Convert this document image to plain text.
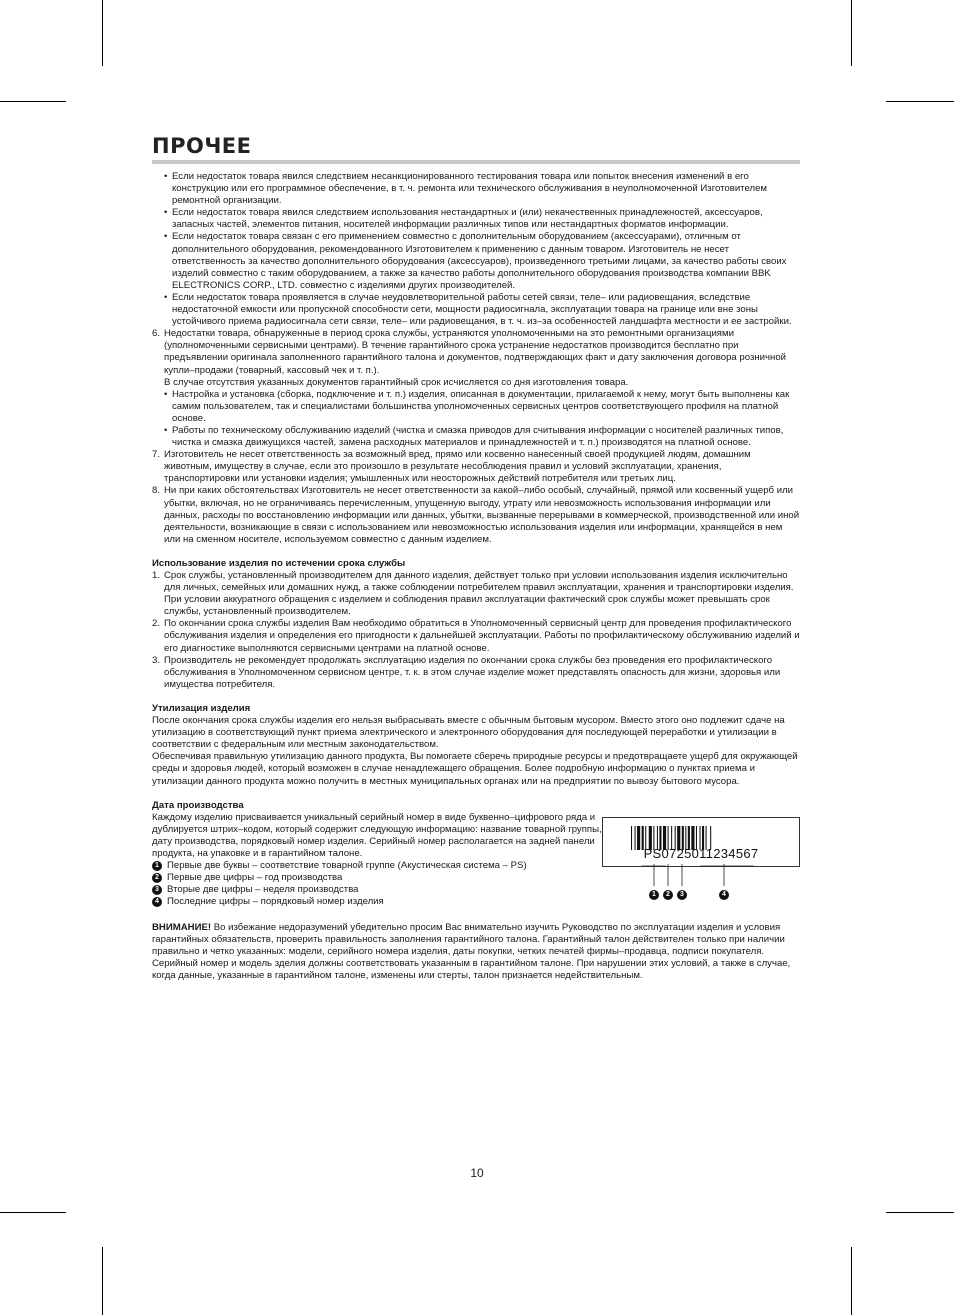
ПРОЧЕЕ
• Если недостаток товара явился следствием несанкционированного тестирования товара или попыток внесения изменений в его конструкцию или его программное обеспечение, в т. ч. ремонта или технического обслуживания в неуполномоченной Изготовителем ремонтной организации.
• Если недостаток товара явился следствием использования нестандартных и (или) некачественных принадлежностей, аксессуаров, запасных частей, элементов питания, носителей информации различных типов или нестандартных форматов информации.
• Если недостаток товара связан с его применением совместно с дополнительным оборудованием (аксессуарами), отличным от дополнительного оборудования, рекомендованного Изготовителем к применению с данным товаром. Изготовитель не несет ответственность за качество дополнительного оборудования (аксессуаров), произведенного третьими лицами, за качество работы своих изделий совместно с таким оборудованием, а также за качество работы дополнительного оборудования производства компании BBK ELECTRONICS CORP., LTD. совместно с изделиями других производителей.
• Если недостаток товара проявляется в случае неудовлетворительной работы сетей связи, теле– или радиовещания, вследствие недостаточной емкости или пропускной способности сети, мощности радиосигнала, эксплуатации товара на границе или вне зоны устойчивого приема радиосигнала сети связи, теле– или радиовещания, в т. ч. из–за особенностей ландшафта местности и ее застройки.
6. Недостатки товара, обнаруженные в период срока службы, устраняются уполномоченными на это ремонтными организациями (уполномоченными сервисными центрами). В течение гарантийного срока устранение недостатков производится бесплатно при предъявлении оригинала заполненного гарантийного талона и документов, подтверждающих факт и дату заключения договора розничной купли–продажи (товарный, кассовый чек и т. п.).
В случае отсутствия указанных документов гарантийный срок исчисляется со дня изготовления товара.
• Настройка и установка (сборка, подключение и т. п.) изделия, описанная в документации, прилагаемой к нему, могут быть выполнены как самим пользователем, так и специалистами большинства уполномоченных сервисных центров соответствующего профиля на платной основе.
• Работы по техническому обслуживанию изделий (чистка и смазка приводов для считывания информации с носителей различных типов, чистка и смазка движущихся частей, замена расходных материалов и принадлежностей и т. п.) производятся на платной основе.
7. Изготовитель не несет ответственность за возможный вред, прямо или косвенно нанесенный своей продукцией людям, домашним животным, имуществу в случае, если это произошло в результате несоблюдения правил и условий эксплуатации, хранения, транспортировки или установки изделия; умышленных или неосторожных действий потребителя или третьих лиц.
8. Ни при каких обстоятельствах Изготовитель не несет ответственности за какой–либо особый, случайный, прямой или косвенный ущерб или убытки, включая, но не ограничиваясь перечисленным, упущенную выгоду, утрату или невозможность использования информации или данных, расходы по восстановлению информации или данных, убытки, вызванные перерывами в коммерческой, производственной или иной деятельности, возникающие в связи с использованием или невозможностью использования изделия или информации, хранящейся в нем или на сменном носителе, используемом совместно с данным изделием.
Использование изделия по истечении срока службы
1. Срок службы, установленный производителем для данного изделия, действует только при условии использования изделия исключительно для личных, семейных или домашних нужд, а также соблюдении потребителем правил эксплуатации, хранения и транспортировки изделия. При условии аккуратного обращения с изделием и соблюдения правил эксплуатации фактический срок службы может превышать срок службы, установленный производителем.
2. По окончании срока службы изделия Вам необходимо обратиться в Уполномоченный сервисный центр для проведения профилактического обслуживания изделия и определения его пригодности к дальнейшей эксплуатации. Работы по профилактическому обслуживанию изделий и его диагностике выполняются сервисными центрами на платной основе.
3. Производитель не рекомендует продолжать эксплуатацию изделия по окончании срока службы без проведения его профилактического обслуживания в Уполномоченном сервисном центре, т. к. в этом случае изделие может представлять опасность для жизни, здоровья или имущества потребителя.
Утилизация изделия
После окончания срока службы изделия его нельзя выбрасывать вместе с обычным бытовым мусором. Вместо этого оно подлежит сдаче на утилизацию в соответствующий пункт приема электрического и электронного оборудования для последующей переработки и утилизации в соответствии с федеральным или местным законодательством.
Обеспечивая правильную утилизацию данного продукта, Вы помогаете сберечь природные ресурсы и предотвращаете ущерб для окружающей среды и здоровья людей, который возможен в случае ненадлежащего обращения. Более подробную информацию о пунктах приема и утилизации данного продукта можно получить в местных муниципальных органах или на предприятии по вывозу бытового мусора.
Дата производства
Каждому изделию присваивается уникальный серийный номер в виде буквенно–цифрового ряда и дублируется штрих–кодом, который содержит следующую информацию: название товарной группы, дату производства, порядковый номер изделия. Серийный номер располагается на задней панели продукта, на упаковке и в гарантийном талоне.
1 Первые две буквы – соответствие товарной группе (Акустическая система – PS)
2 Первые две цифры – год производства
3 Вторые две цифры – неделя производства
4 Последние цифры – порядковый номер изделия
PS0725011234567
1	2	3	4
ВНИМАНИЕ! Во избежание недоразумений убедительно просим Вас внимательно изучить Руководство по эксплуатации изделия и условия гарантийных обязательств, проверить правильность заполнения гарантийного талона. Гарантийный талон действителен только при наличии правильно и четко указанных: модели, серийного номера изделия, даты покупки, четких печатей фирмы–продавца, подписи покупателя. Серийный номер и модель зделия должны соответствовать указанным в гарантийном талоне. При нарушении этих условий, а также в случае, когда данные, указанные в гарантийном талоне, изменены или стерты, талон признается недействительным.
10
